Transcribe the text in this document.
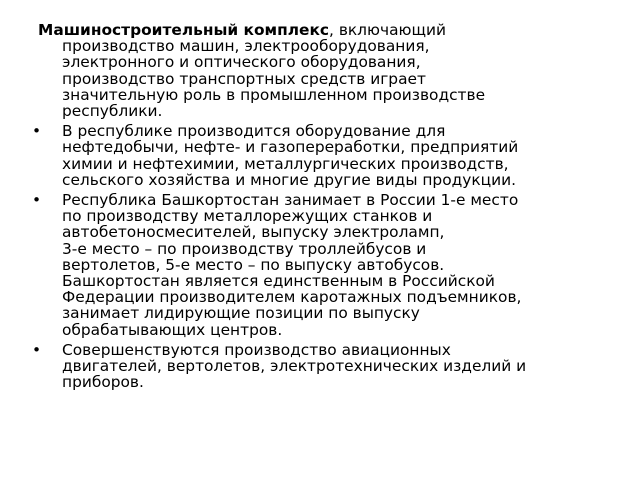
Машиностроительный комплекс, включающий
производство машин, электрооборудования,
электронного и оптического оборудования,
производство транспортных средств играет
значительную роль в промышленном производстве
республики.
• В республике производится оборудование для
нефтедобычи, нефте- и газопереработки, предприятий
химии и нефтехимии, металлургических производств,
сельского хозяйства и многие другие виды продукции.
• Республика Башкортостан занимает в России 1-е место
по производству металлорежущих станков и
автобетоносмесителей, выпуску электроламп,
3-е место – по производству троллейбусов и
вертолетов, 5-е место – по выпуску автобусов.
Башкортостан является единственным в Российской
Федерации производителем каротажных подъемников,
занимает лидирующие позиции по выпуску
обрабатывающих центров.
• Совершенствуются производство авиационных
двигателей, вертолетов, электротехнических изделий и
приборов.
